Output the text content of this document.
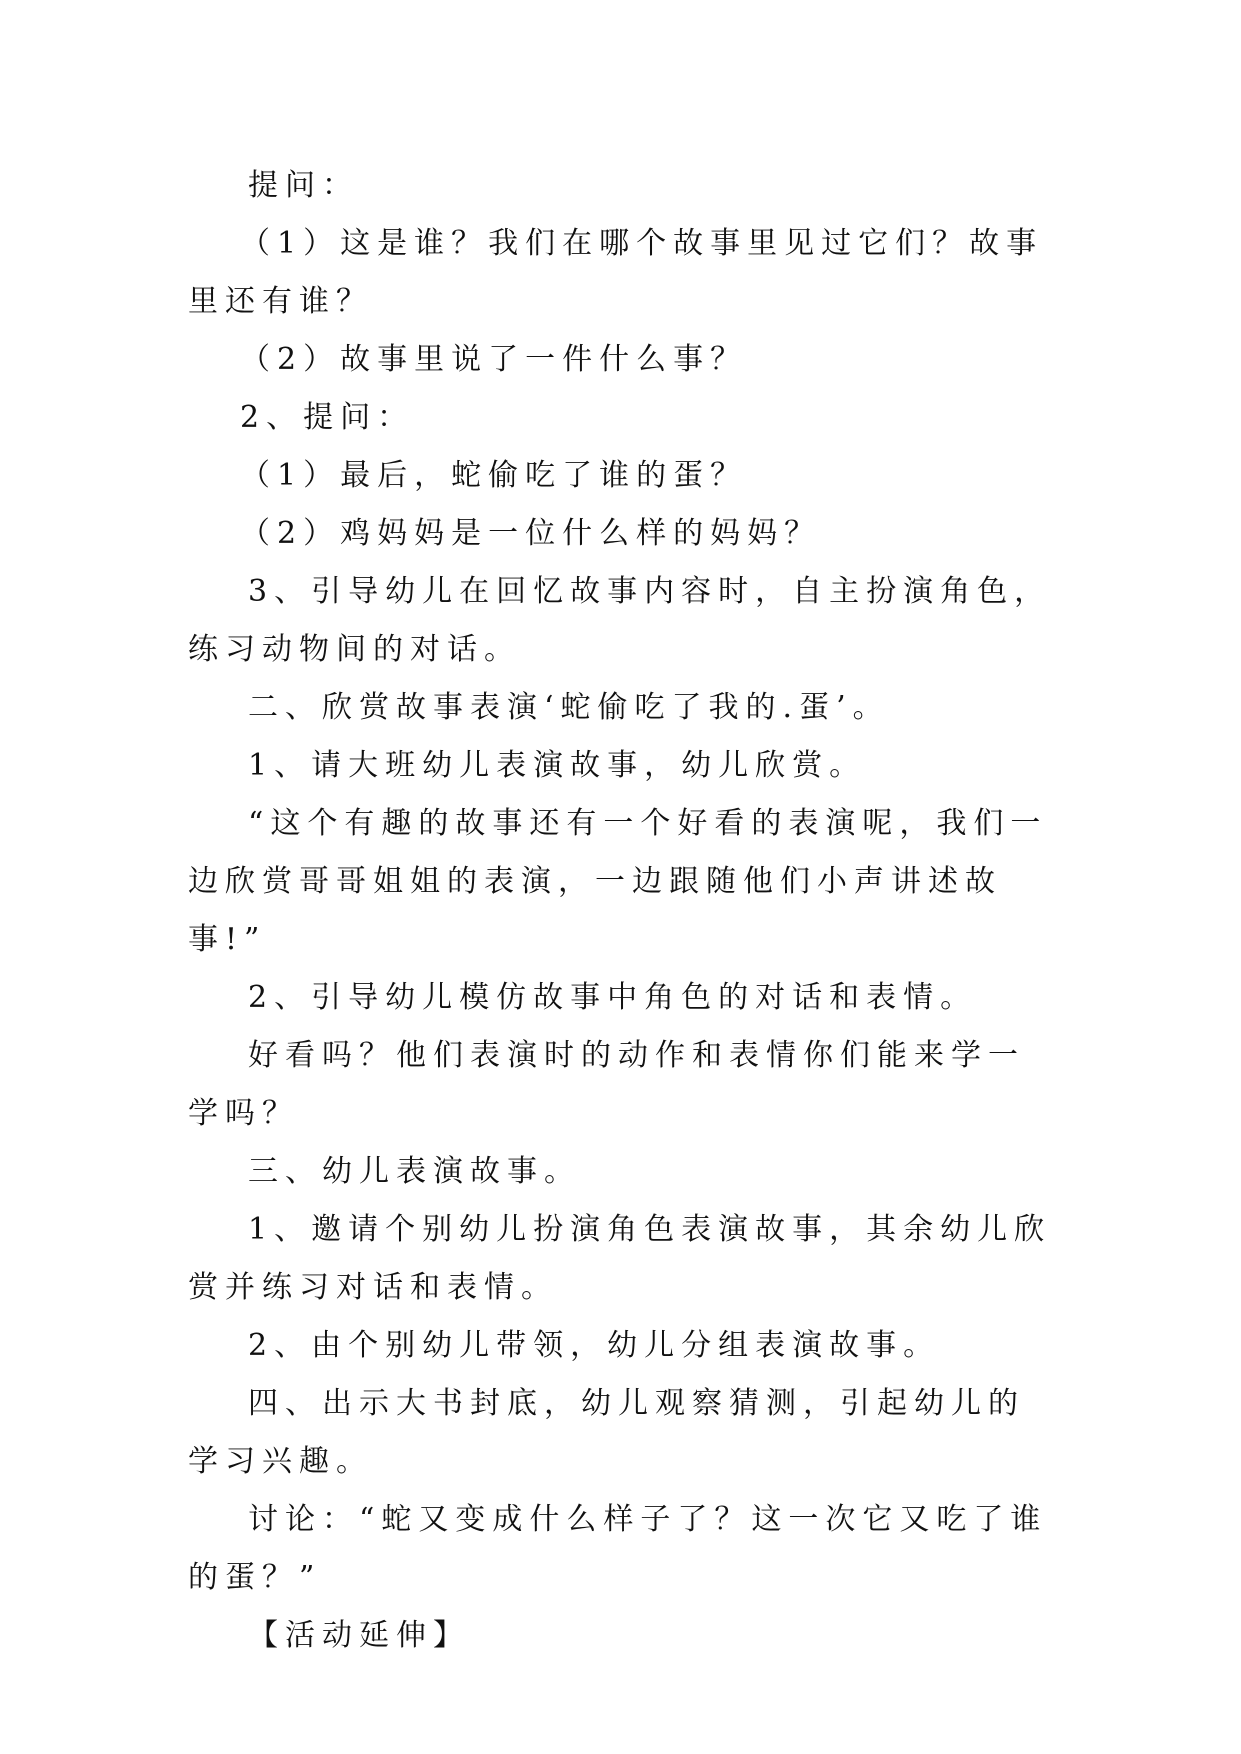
提问：

（1）这是谁？我们在哪个故事里见过它们？故事里还有谁？

（2）故事里说了一件什么事？

2、提问：

（1）最后，蛇偷吃了谁的蛋？

（2）鸡妈妈是一位什么样的妈妈？

3、引导幼儿在回忆故事内容时，自主扮演角色，练习动物间的对话。

二、欣赏故事表演‘蛇偷吃了我的.蛋’。

1、请大班幼儿表演故事，幼儿欣赏。

“这个有趣的故事还有一个好看的表演呢，我们一边欣赏哥哥姐姐的表演，一边跟随他们小声讲述故事!”

2、引导幼儿模仿故事中角色的对话和表情。

好看吗？他们表演时的动作和表情你们能来学一学吗？

三、幼儿表演故事。

1、邀请个别幼儿扮演角色表演故事，其余幼儿欣赏并练习对话和表情。

2、由个别幼儿带领，幼儿分组表演故事。

四、出示大书封底，幼儿观察猜测，引起幼儿的学习兴趣。

讨论：“蛇又变成什么样子了？这一次它又吃了谁的蛋？”

【活动延伸】
